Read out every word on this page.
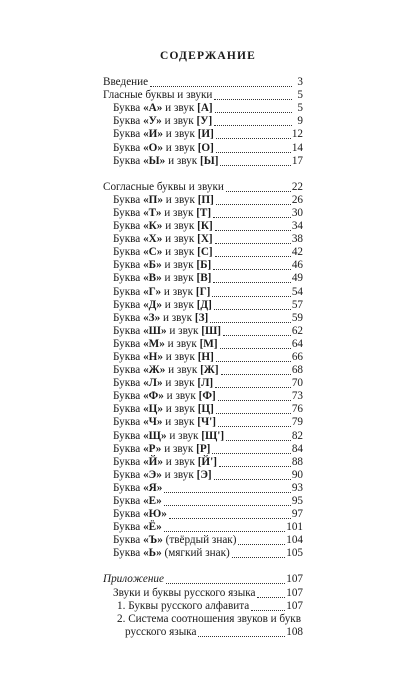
СОДЕРЖАНИЕ
Введение	3
Гласные буквы и звуки	5
Буква «А» и звук [А]	5
Буква «У» и звук [У]	9
Буква «И» и звук [И]	12
Буква «О» и звук [О]	14
Буква «Ы» и звук [Ы]	17
Согласные буквы и звуки	22
Буква «П» и звук [П]	26
Буква «Т» и звук [Т]	30
Буква «К» и звук [К]	34
Буква «Х» и звук [Х]	38
Буква «С» и звук [С]	42
Буква «Б» и звук [Б]	46
Буква «В» и звук [В]	49
Буква «Г» и звук [Г]	54
Буква «Д» и звук [Д]	57
Буква «З» и звук [З]	59
Буква «Ш» и звук [Ш]	62
Буква «М» и звук [М]	64
Буква «Н» и звук [Н]	66
Буква «Ж» и звук [Ж]	68
Буква «Л» и звук [Л]	70
Буква «Ф» и звук [Ф]	73
Буква «Ц» и звук [Ц]	76
Буква «Ч» и звук [Ч']	79
Буква «Щ» и звук [Щ']	82
Буква «Р» и звук [Р]	84
Буква «Й» и звук [Й']	88
Буква «Э» и звук [Э]	90
Буква «Я»	93
Буква «Е»	95
Буква «Ю»	97
Буква «Ё»	101
Буква «Ъ» (твёрдый знак)	104
Буква «Ь» (мягкий знак)	105
Приложение	107
Звуки и буквы русского языка	107
1. Буквы русского алфавита	107
2. Система соотношения звуков и букв
русского языка	108
